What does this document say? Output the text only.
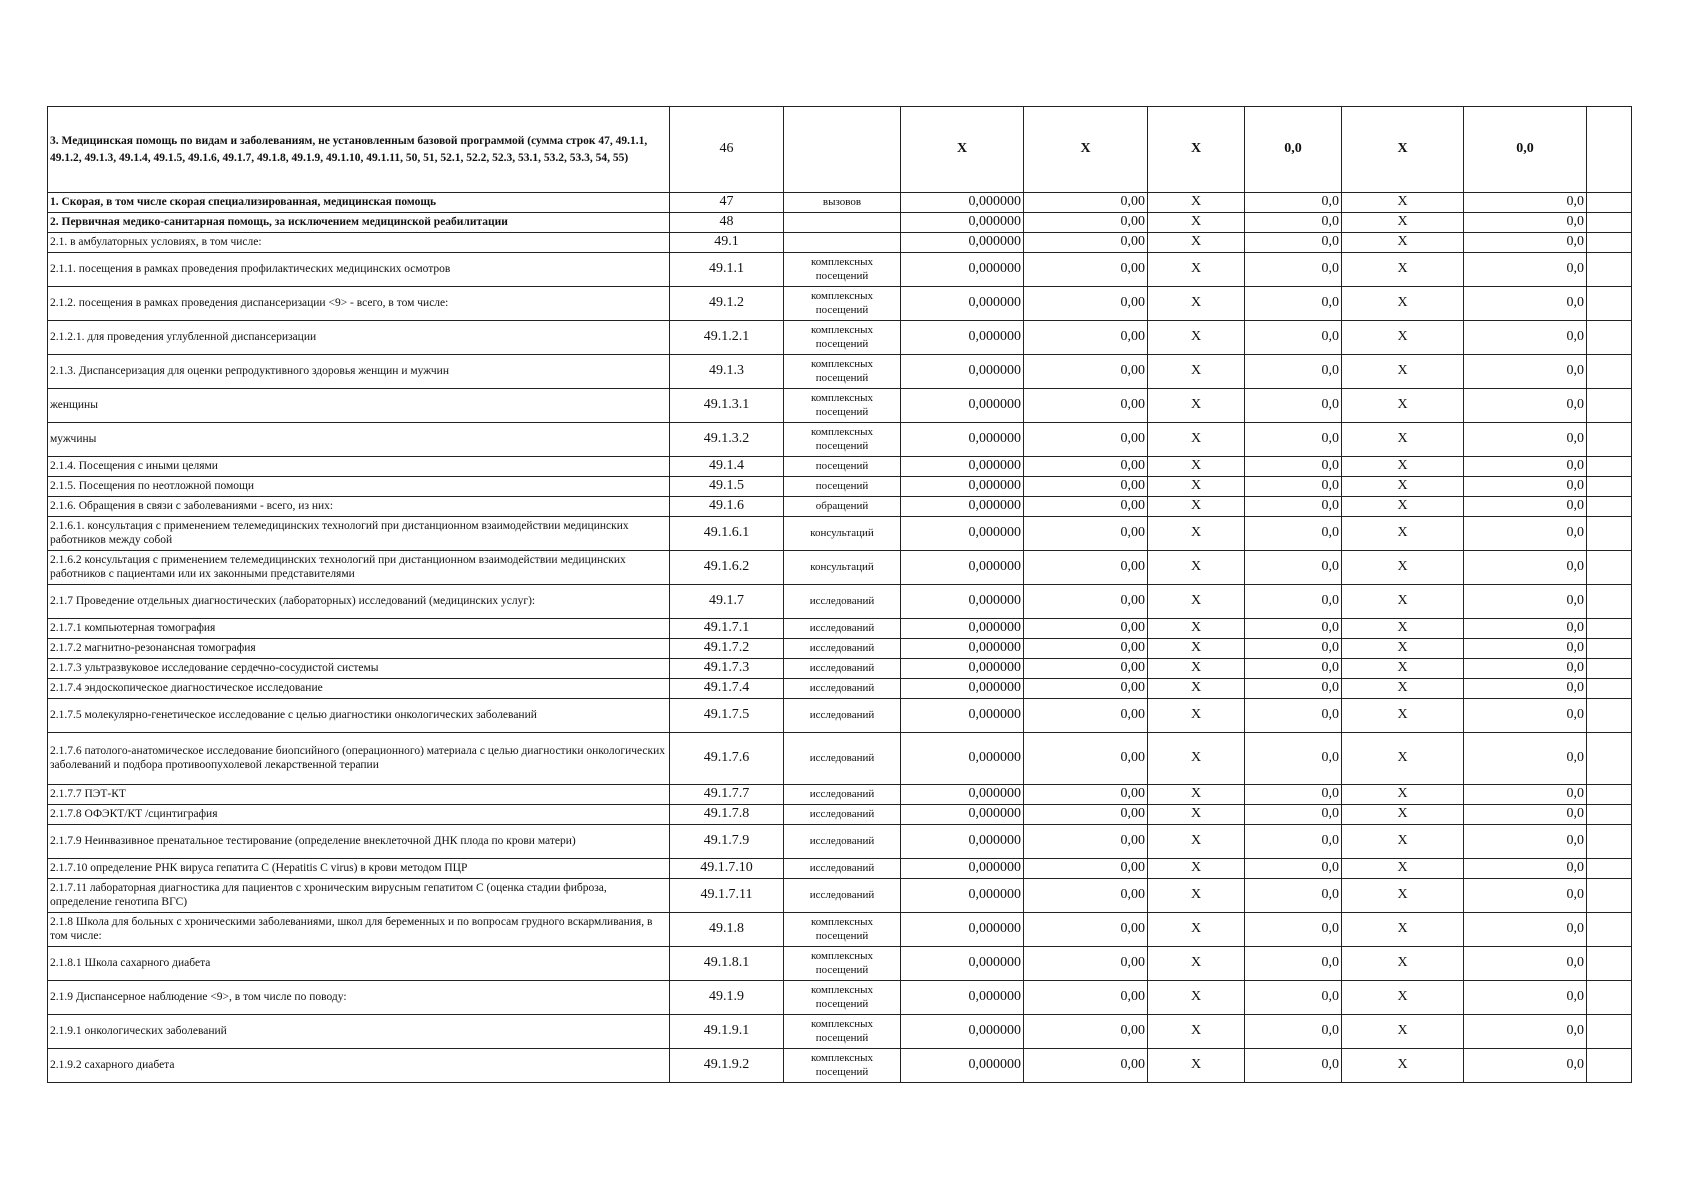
3. Медицинская помощь по видам и заболеваниям, не установленным базовой программой (сумма строк 47, 49.1.1, 49.1.2, 49.1.3, 49.1.4, 49.1.5, 49.1.6, 49.1.7, 49.1.8, 49.1.9, 49.1.10, 49.1.11, 50, 51, 52.1, 52.2, 52.3, 53.1, 53.2, 53.3, 54, 55)	46		X	X	X	0,0	X	0,0	
1. Скорая, в том числе скорая специализированная, медицинская помощь	47	вызовов	0,000000	0,00	X	0,0	X	0,0	
2. Первичная медико-санитарная помощь, за исключением медицинской реабилитации	48		0,000000	0,00	X	0,0	X	0,0	
2.1. в амбулаторных условиях, в том числе:	49.1		0,000000	0,00	X	0,0	X	0,0	
2.1.1. посещения в рамках проведения профилактических медицинских осмотров	49.1.1	комплексных посещений	0,000000	0,00	X	0,0	X	0,0	
2.1.2. посещения в рамках проведения диспансеризации <9> - всего, в том числе:	49.1.2	комплексных посещений	0,000000	0,00	X	0,0	X	0,0	
2.1.2.1. для проведения углубленной диспансеризации	49.1.2.1	комплексных посещений	0,000000	0,00	X	0,0	X	0,0	
2.1.3. Диспансеризация для оценки репродуктивного здоровья женщин и мужчин	49.1.3	комплексных посещений	0,000000	0,00	X	0,0	X	0,0	
женщины	49.1.3.1	комплексных посещений	0,000000	0,00	X	0,0	X	0,0	
мужчины	49.1.3.2	комплексных посещений	0,000000	0,00	X	0,0	X	0,0	
2.1.4. Посещения с иными целями	49.1.4	посещений	0,000000	0,00	X	0,0	X	0,0	
2.1.5. Посещения по неотложной помощи	49.1.5	посещений	0,000000	0,00	X	0,0	X	0,0	
2.1.6. Обращения в связи с заболеваниями - всего, из них:	49.1.6	обращений	0,000000	0,00	X	0,0	X	0,0	
2.1.6.1. консультация с применением телемедицинских технологий при дистанционном взаимодействии медицинских работников между собой	49.1.6.1	консультаций	0,000000	0,00	X	0,0	X	0,0	
2.1.6.2 консультация с применением телемедицинских технологий при дистанционном взаимодействии медицинских работников с пациентами или их законными представителями	49.1.6.2	консультаций	0,000000	0,00	X	0,0	X	0,0	
2.1.7 Проведение отдельных диагностических (лабораторных) исследований (медицинских услуг):	49.1.7	исследований	0,000000	0,00	X	0,0	X	0,0	
2.1.7.1 компьютерная томография	49.1.7.1	исследований	0,000000	0,00	X	0,0	X	0,0	
2.1.7.2 магнитно-резонансная томография	49.1.7.2	исследований	0,000000	0,00	X	0,0	X	0,0	
2.1.7.3 ультразвуковое исследование сердечно-сосудистой системы	49.1.7.3	исследований	0,000000	0,00	X	0,0	X	0,0	
2.1.7.4 эндоскопическое диагностическое исследование	49.1.7.4	исследований	0,000000	0,00	X	0,0	X	0,0	
2.1.7.5 молекулярно-генетическое исследование с целью диагностики онкологических заболеваний	49.1.7.5	исследований	0,000000	0,00	X	0,0	X	0,0	
2.1.7.6 патолого-анатомическое исследование биопсийного (операционного) материала с целью диагностики онкологических заболеваний и подбора противоопухолевой лекарственной терапии	49.1.7.6	исследований	0,000000	0,00	X	0,0	X	0,0	
2.1.7.7 ПЭТ-КТ	49.1.7.7	исследований	0,000000	0,00	X	0,0	X	0,0	
2.1.7.8 ОФЭКТ/КТ /сцинтиграфия	49.1.7.8	исследований	0,000000	0,00	X	0,0	X	0,0	
2.1.7.9 Неинвазивное пренатальное тестирование (определение внеклеточной ДНК плода по крови матери)	49.1.7.9	исследований	0,000000	0,00	X	0,0	X	0,0	
2.1.7.10 определение РНК вируса гепатита С (Hepatitis С virus) в крови методом ПЦР	49.1.7.10	исследований	0,000000	0,00	X	0,0	X	0,0	
2.1.7.11 лабораторная диагностика для пациентов с хроническим вирусным гепатитом С (оценка стадии фиброза, определение генотипа ВГС)	49.1.7.11	исследований	0,000000	0,00	X	0,0	X	0,0	
2.1.8 Школа для больных с хроническими заболеваниями, школ для беременных и по вопросам грудного вскармливания, в том числе:	49.1.8	комплексных посещений	0,000000	0,00	X	0,0	X	0,0	
2.1.8.1 Школа сахарного диабета	49.1.8.1	комплексных посещений	0,000000	0,00	X	0,0	X	0,0	
2.1.9 Диспансерное наблюдение <9>, в том числе по поводу:	49.1.9	комплексных посещений	0,000000	0,00	X	0,0	X	0,0	
2.1.9.1 онкологических заболеваний	49.1.9.1	комплексных посещений	0,000000	0,00	X	0,0	X	0,0	
2.1.9.2 сахарного диабета	49.1.9.2	комплексных посещений	0,000000	0,00	X	0,0	X	0,0	
